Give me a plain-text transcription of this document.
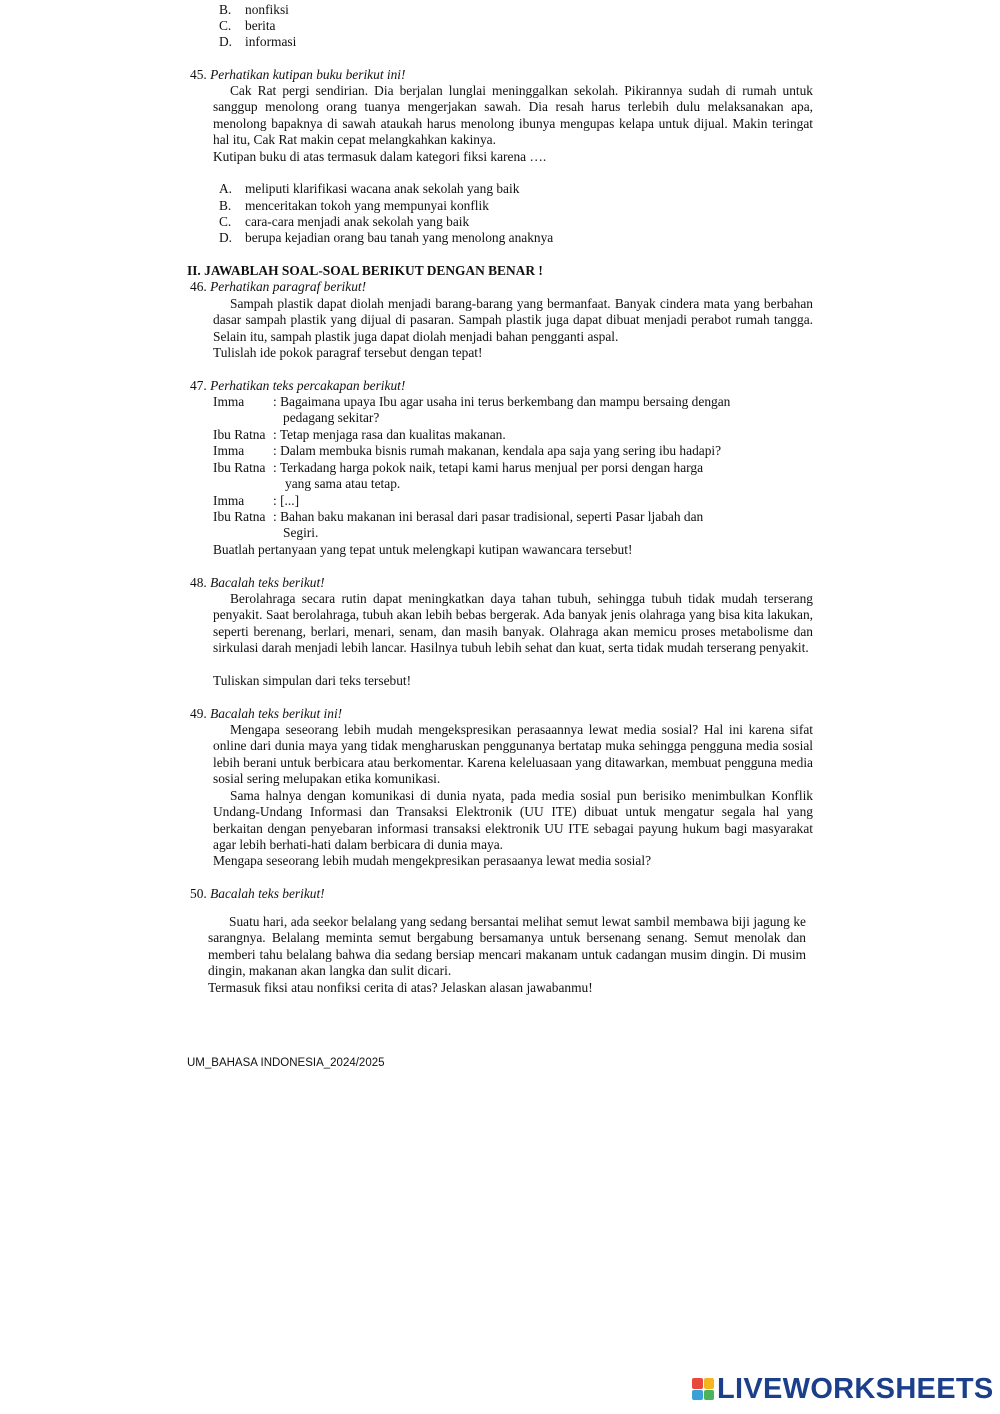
B. nonfiksi
C. berita
D. informasi
45. Perhatikan kutipan buku berikut ini!
Cak Rat pergi sendirian. Dia berjalan lunglai meninggalkan sekolah. Pikirannya sudah di rumah untuk sanggup menolong orang tuanya mengerjakan sawah. Dia resah harus terlebih dulu melaksanakan apa, menolong bapaknya di sawah ataukah harus menolong ibunya mengupas kelapa untuk dijual. Makin teringat hal itu, Cak Rat makin cepat melangkahkan kakinya.
Kutipan buku di atas termasuk dalam kategori fiksi karena ….
A. meliputi klarifikasi wacana anak sekolah yang baik
B. menceritakan tokoh yang mempunyai konflik
C. cara-cara menjadi anak sekolah yang baik
D. berupa kejadian orang bau tanah yang menolong anaknya
II. JAWABLAH SOAL-SOAL BERIKUT DENGAN BENAR !
46. Perhatikan paragraf berikut!
Sampah plastik dapat diolah menjadi barang-barang yang bermanfaat. Banyak cindera mata yang berbahan dasar sampah plastik yang dijual di pasaran. Sampah plastik juga dapat dibuat menjadi perabot rumah tangga. Selain itu, sampah plastik juga dapat diolah menjadi bahan pengganti aspal.
Tulislah ide pokok paragraf tersebut dengan tepat!
47. Perhatikan teks percakapan berikut!
Imma : Bagaimana upaya Ibu agar usaha ini terus berkembang dan mampu bersaing dengan
pedagang sekitar?
Ibu Ratna : Tetap menjaga rasa dan kualitas makanan.
Imma : Dalam membuka bisnis rumah makanan, kendala apa saja yang sering ibu hadapi?
Ibu Ratna : Terkadang harga pokok naik, tetapi kami harus menjual per porsi dengan harga
yang sama atau tetap.
Imma : [...]
Ibu Ratna : Bahan baku makanan ini berasal dari pasar tradisional, seperti Pasar ljabah dan
Segiri.
Buatlah pertanyaan yang tepat untuk melengkapi kutipan wawancara tersebut!
48. Bacalah teks berikut!
Berolahraga secara rutin dapat meningkatkan daya tahan tubuh, sehingga tubuh tidak mudah terserang penyakit. Saat berolahraga, tubuh akan lebih bebas bergerak. Ada banyak jenis olahraga yang bisa kita lakukan, seperti berenang, berlari, menari, senam, dan masih banyak. Olahraga akan memicu proses metabolisme dan sirkulasi darah menjadi lebih lancar. Hasilnya tubuh lebih sehat dan kuat, serta tidak mudah terserang penyakit.
Tuliskan simpulan dari teks tersebut!
49. Bacalah teks berikut ini!
Mengapa seseorang lebih mudah mengekspresikan perasaannya lewat media sosial? Hal ini karena sifat online dari dunia maya yang tidak mengharuskan penggunanya bertatap muka sehingga pengguna media sosial lebih berani untuk berbicara atau berkomentar. Karena keleluasaan yang ditawarkan, membuat pengguna media sosial sering melupakan etika komunikasi.
Sama halnya dengan komunikasi di dunia nyata, pada media sosial pun berisiko menimbulkan Konflik Undang-Undang Informasi dan Transaksi Elektronik (UU ITE) dibuat untuk mengatur segala hal yang berkaitan dengan penyebaran informasi transaksi elektronik UU ITE sebagai payung hukum bagi masyarakat agar lebih berhati-hati dalam berbicara di dunia maya.
Mengapa seseorang lebih mudah mengekpresikan perasaanya lewat media sosial?
50. Bacalah teks berikut!
Suatu hari, ada seekor belalang yang sedang bersantai melihat semut lewat sambil membawa biji jagung ke sarangnya. Belalang meminta semut bergabung bersamanya untuk bersenang senang. Semut menolak dan memberi tahu belalang bahwa dia sedang bersiap mencari makanam untuk cadangan musim dingin. Di musim dingin, makanan akan langka dan sulit dicari.
Termasuk fiksi atau nonfiksi cerita di atas? Jelaskan alasan jawabanmu!
UM_BAHASA INDONESIA_2024/2025
LIVEWORKSHEETS
